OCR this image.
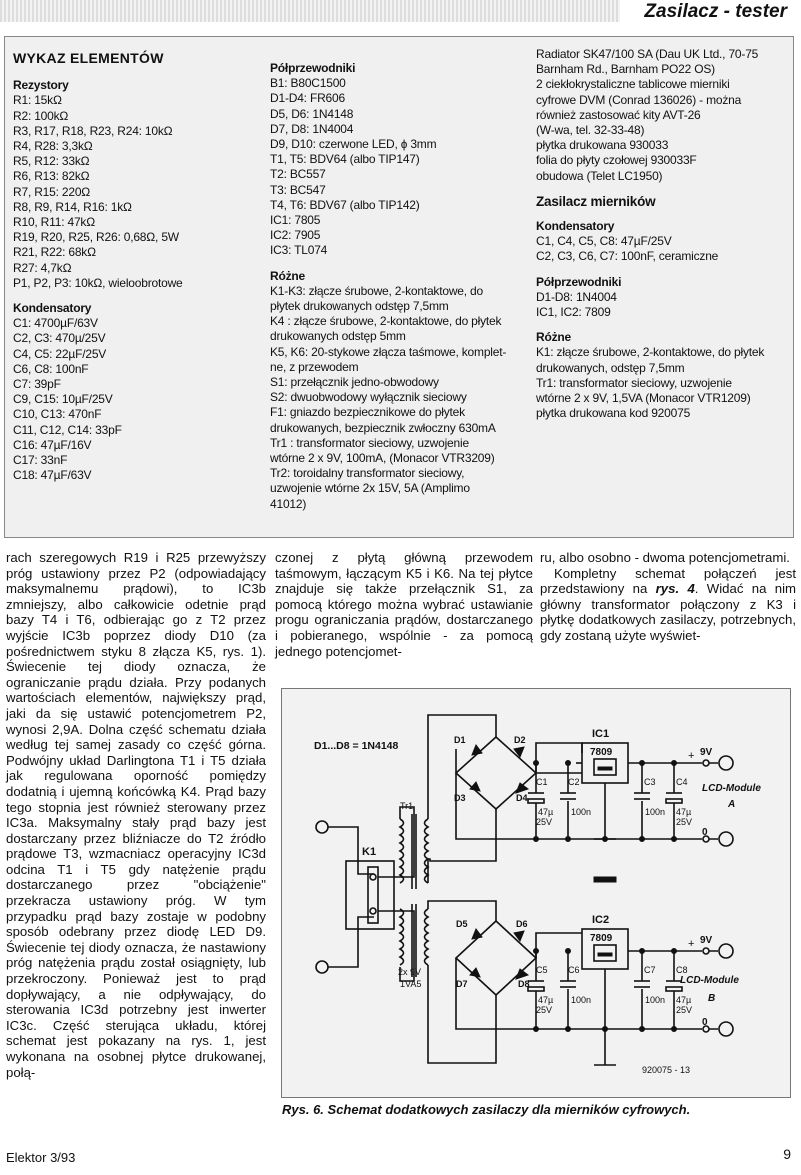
Zasilacz - tester
WYKAZ ELEMENTÓW
Rezystory
R1: 15kΩ
R2: 100kΩ
R3, R17, R18, R23, R24: 10kΩ
R4, R28: 3,3kΩ
R5, R12: 33kΩ
R6, R13: 82kΩ
R7, R15: 220Ω
R8, R9, R14, R16: 1kΩ
R10, R11: 47kΩ
R19, R20, R25, R26: 0,68Ω, 5W
R21, R22: 68kΩ
R27: 4,7kΩ
P1, P2, P3: 10kΩ, wieloobrotowe
Kondensatory
C1: 4700µF/63V
C2, C3: 470µ/25V
C4, C5: 22µF/25V
C6, C8: 100nF
C7: 39pF
C9, C15: 10µF/25V
C10, C13: 470nF
C11, C12, C14: 33pF
C16: 47µF/16V
C17: 33nF
C18: 47µF/63V
Półprzewodniki
B1: B80C1500
D1-D4: FR606
D5, D6: 1N4148
D7, D8: 1N4004
D9, D10: czerwone LED, ɸ 3mm
T1, T5: BDV64 (albo TIP147)
T2: BC557
T3: BC547
T4, T6: BDV67 (albo TIP142)
IC1: 7805
IC2: 7905
IC3: TL074
Różne
K1-K3: złącze śrubowe, 2-kontaktowe, do
płytek drukowanych odstęp 7,5mm
K4 : złącze śrubowe, 2-kontaktowe, do płytek
drukowanych odstęp 5mm
K5, K6: 20-stykowe złącza taśmowe, komplet-
ne, z przewodem
S1: przełącznik jedno-obwodowy
S2: dwuobwodowy wyłącznik sieciowy
F1: gniazdo bezpiecznikowe do płytek
drukowanych, bezpiecznik zwłoczny 630mA
Tr1 : transformator sieciowy, uzwojenie
wtórne 2 x 9V, 100mA, (Monacor VTR3209)
Tr2: toroidalny transformator sieciowy,
uzwojenie wtórne 2x 15V, 5A (Amplimo
41012)
Radiator SK47/100 SA (Dau UK Ltd., 70-75
Barnham Rd., Barnham PO22 OS)
2 ciekłokrystaliczne tablicowe mierniki
cyfrowe DVM (Conrad 136026) - można
również zastosować kity AVT-26
(W-wa, tel. 32-33-48)
płytka drukowana 930033
folia do płyty czołowej 930033F
obudowa (Telet LC1950)
Zasilacz mierników
Kondensatory
C1, C4, C5, C8: 47µF/25V
C2, C3, C6, C7: 100nF, ceramiczne
Półprzewodniki
D1-D8: 1N4004
IC1, IC2: 7809
Różne
K1: złącze śrubowe, 2-kontaktowe, do płytek
drukowanych, odstęp 7,5mm
Tr1: transformator sieciowy, uzwojenie
wtórne 2 x 9V, 1,5VA (Monacor VTR1209)
płytka drukowana kod 920075
rach szeregowych R19 i R25 przewyższy próg ustawiony przez P2 (odpowiadający maksymalnemu prądowi), to IC3b zmniejszy, albo całkowicie odetnie prąd bazy T4 i T6, odbierając go z T2 przez wyjście IC3b poprzez diody D10 (za pośrednictwem styku 8 złącza K5, rys. 1). Świecenie tej diody oznacza, że ograniczanie prądu działa. Przy podanych wartościach elementów, największy prąd, jaki da się ustawić potencjometrem P2, wynosi 2,9A. Dolna część schematu działa według tej samej zasady co część górna. Podwójny układ Darlingtona T1 i T5 działa jak regulowana oporność pomiędzy dodatnią i ujemną końcówką K4. Prąd bazy tego stopnia jest również sterowany przez IC3a. Maksymalny stały prąd bazy jest dostarczany przez bliźniacze do T2 źródło prądowe T3, wzmacniacz operacyjny IC3d odcina T1 i T5 gdy natężenie prądu dostarczanego przez "obciążenie" przekracza ustawiony próg. W tym przypadku prąd bazy zostaje w podobny sposób odebrany przez diodę LED D9. Świecenie tej diody oznacza, że nastawiony próg natężenia prądu został osiągnięty, lub przekroczony. Ponieważ jest to prąd dopływający, a nie odpływający, do sterowania IC3d potrzebny jest inwerter IC3c. Część sterująca układu, której schemat jest pokazany na rys. 1, jest wykonana na osobnej płytce drukowanej, połą-
czonej z płytą główną przewodem taśmowym, łączącym K5 i K6. Na tej płytce znajduje się także przełącznik S1, za pomocą którego można wybrać ustawianie progu ograniczania prądów, dostarczanego i pobieranego, wspólnie - za pomocą jednego potencjomet-
ru, albo osobno - dwoma potencjometrami.
Kompletny schemat połączeń jest przedstawiony na rys. 4. Widać na nim główny transformator połączony z K3 i płytkę dodatkowych zasilaczy, potrzebnych, gdy zostaną użyte wyświet-
D1...D8 = 1N4148
K1
Tr1
2x 9V
1VA5
IC1
IC2
7809
7809
D1	D2
D3	D4
D5	D6
D7	D8
C1 C2	C3 C4
C5 C6	C7 C8
47µ
25V
100n	100n 47µ
25V
47µ
25V
100n	100n 47µ
25V
+ 9V
0
+ 9V
0
LCD-Module
A
LCD-Module
B
920075 - 13
Rys. 6. Schemat dodatkowych zasilaczy dla mierników cyfrowych.
Elektor 3/93	9
